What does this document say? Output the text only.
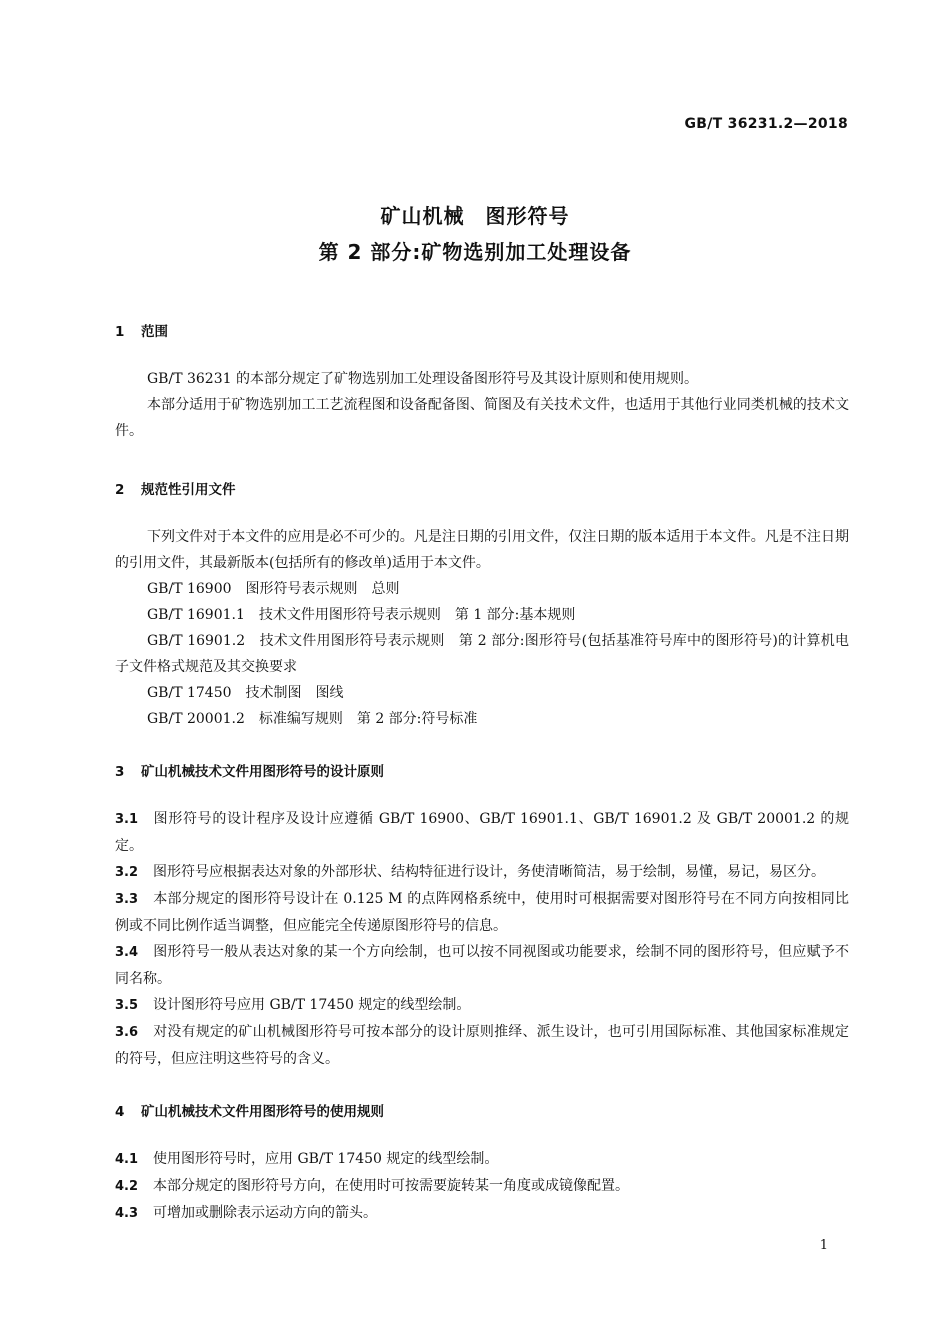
GB/T 36231.2—2018
矿山机械　图形符号
第 2 部分:矿物选别加工处理设备
1 范围

GB/T 36231 的本部分规定了矿物选别加工处理设备图形符号及其设计原则和使用规则。

本部分适用于矿物选别加工工艺流程图和设备配备图、简图及有关技术文件，也适用于其他行业同类机械的技术文件。

2 规范性引用文件

下列文件对于本文件的应用是必不可少的。凡是注日期的引用文件，仅注日期的版本适用于本文件。凡是不注日期的引用文件，其最新版本(包括所有的修改单)适用于本文件。

GB/T 16900　图形符号表示规则　总则

GB/T 16901.1　技术文件用图形符号表示规则　第 1 部分:基本规则

GB/T 16901.2　技术文件用图形符号表示规则　第 2 部分:图形符号(包括基准符号库中的图形符号)的计算机电子文件格式规范及其交换要求

GB/T 17450　技术制图　图线

GB/T 20001.2　标准编写规则　第 2 部分:符号标准

3 矿山机械技术文件用图形符号的设计原则

3.1 图形符号的设计程序及设计应遵循 GB/T 16900、GB/T 16901.1、GB/T 16901.2 及 GB/T 20001.2 的规定。

3.2 图形符号应根据表达对象的外部形状、结构特征进行设计，务使清晰简洁，易于绘制，易懂，易记，易区分。

3.3 本部分规定的图形符号设计在 0.125 M 的点阵网格系统中，使用时可根据需要对图形符号在不同方向按相同比例或不同比例作适当调整，但应能完全传递原图形符号的信息。

3.4 图形符号一般从表达对象的某一个方向绘制，也可以按不同视图或功能要求，绘制不同的图形符号，但应赋予不同名称。

3.5 设计图形符号应用 GB/T 17450 规定的线型绘制。

3.6 对没有规定的矿山机械图形符号可按本部分的设计原则推绎、派生设计，也可引用国际标准、其他国家标准规定的符号，但应注明这些符号的含义。

4 矿山机械技术文件用图形符号的使用规则

4.1 使用图形符号时，应用 GB/T 17450 规定的线型绘制。

4.2 本部分规定的图形符号方向，在使用时可按需要旋转某一角度或成镜像配置。

4.3 可增加或删除表示运动方向的箭头。

1
